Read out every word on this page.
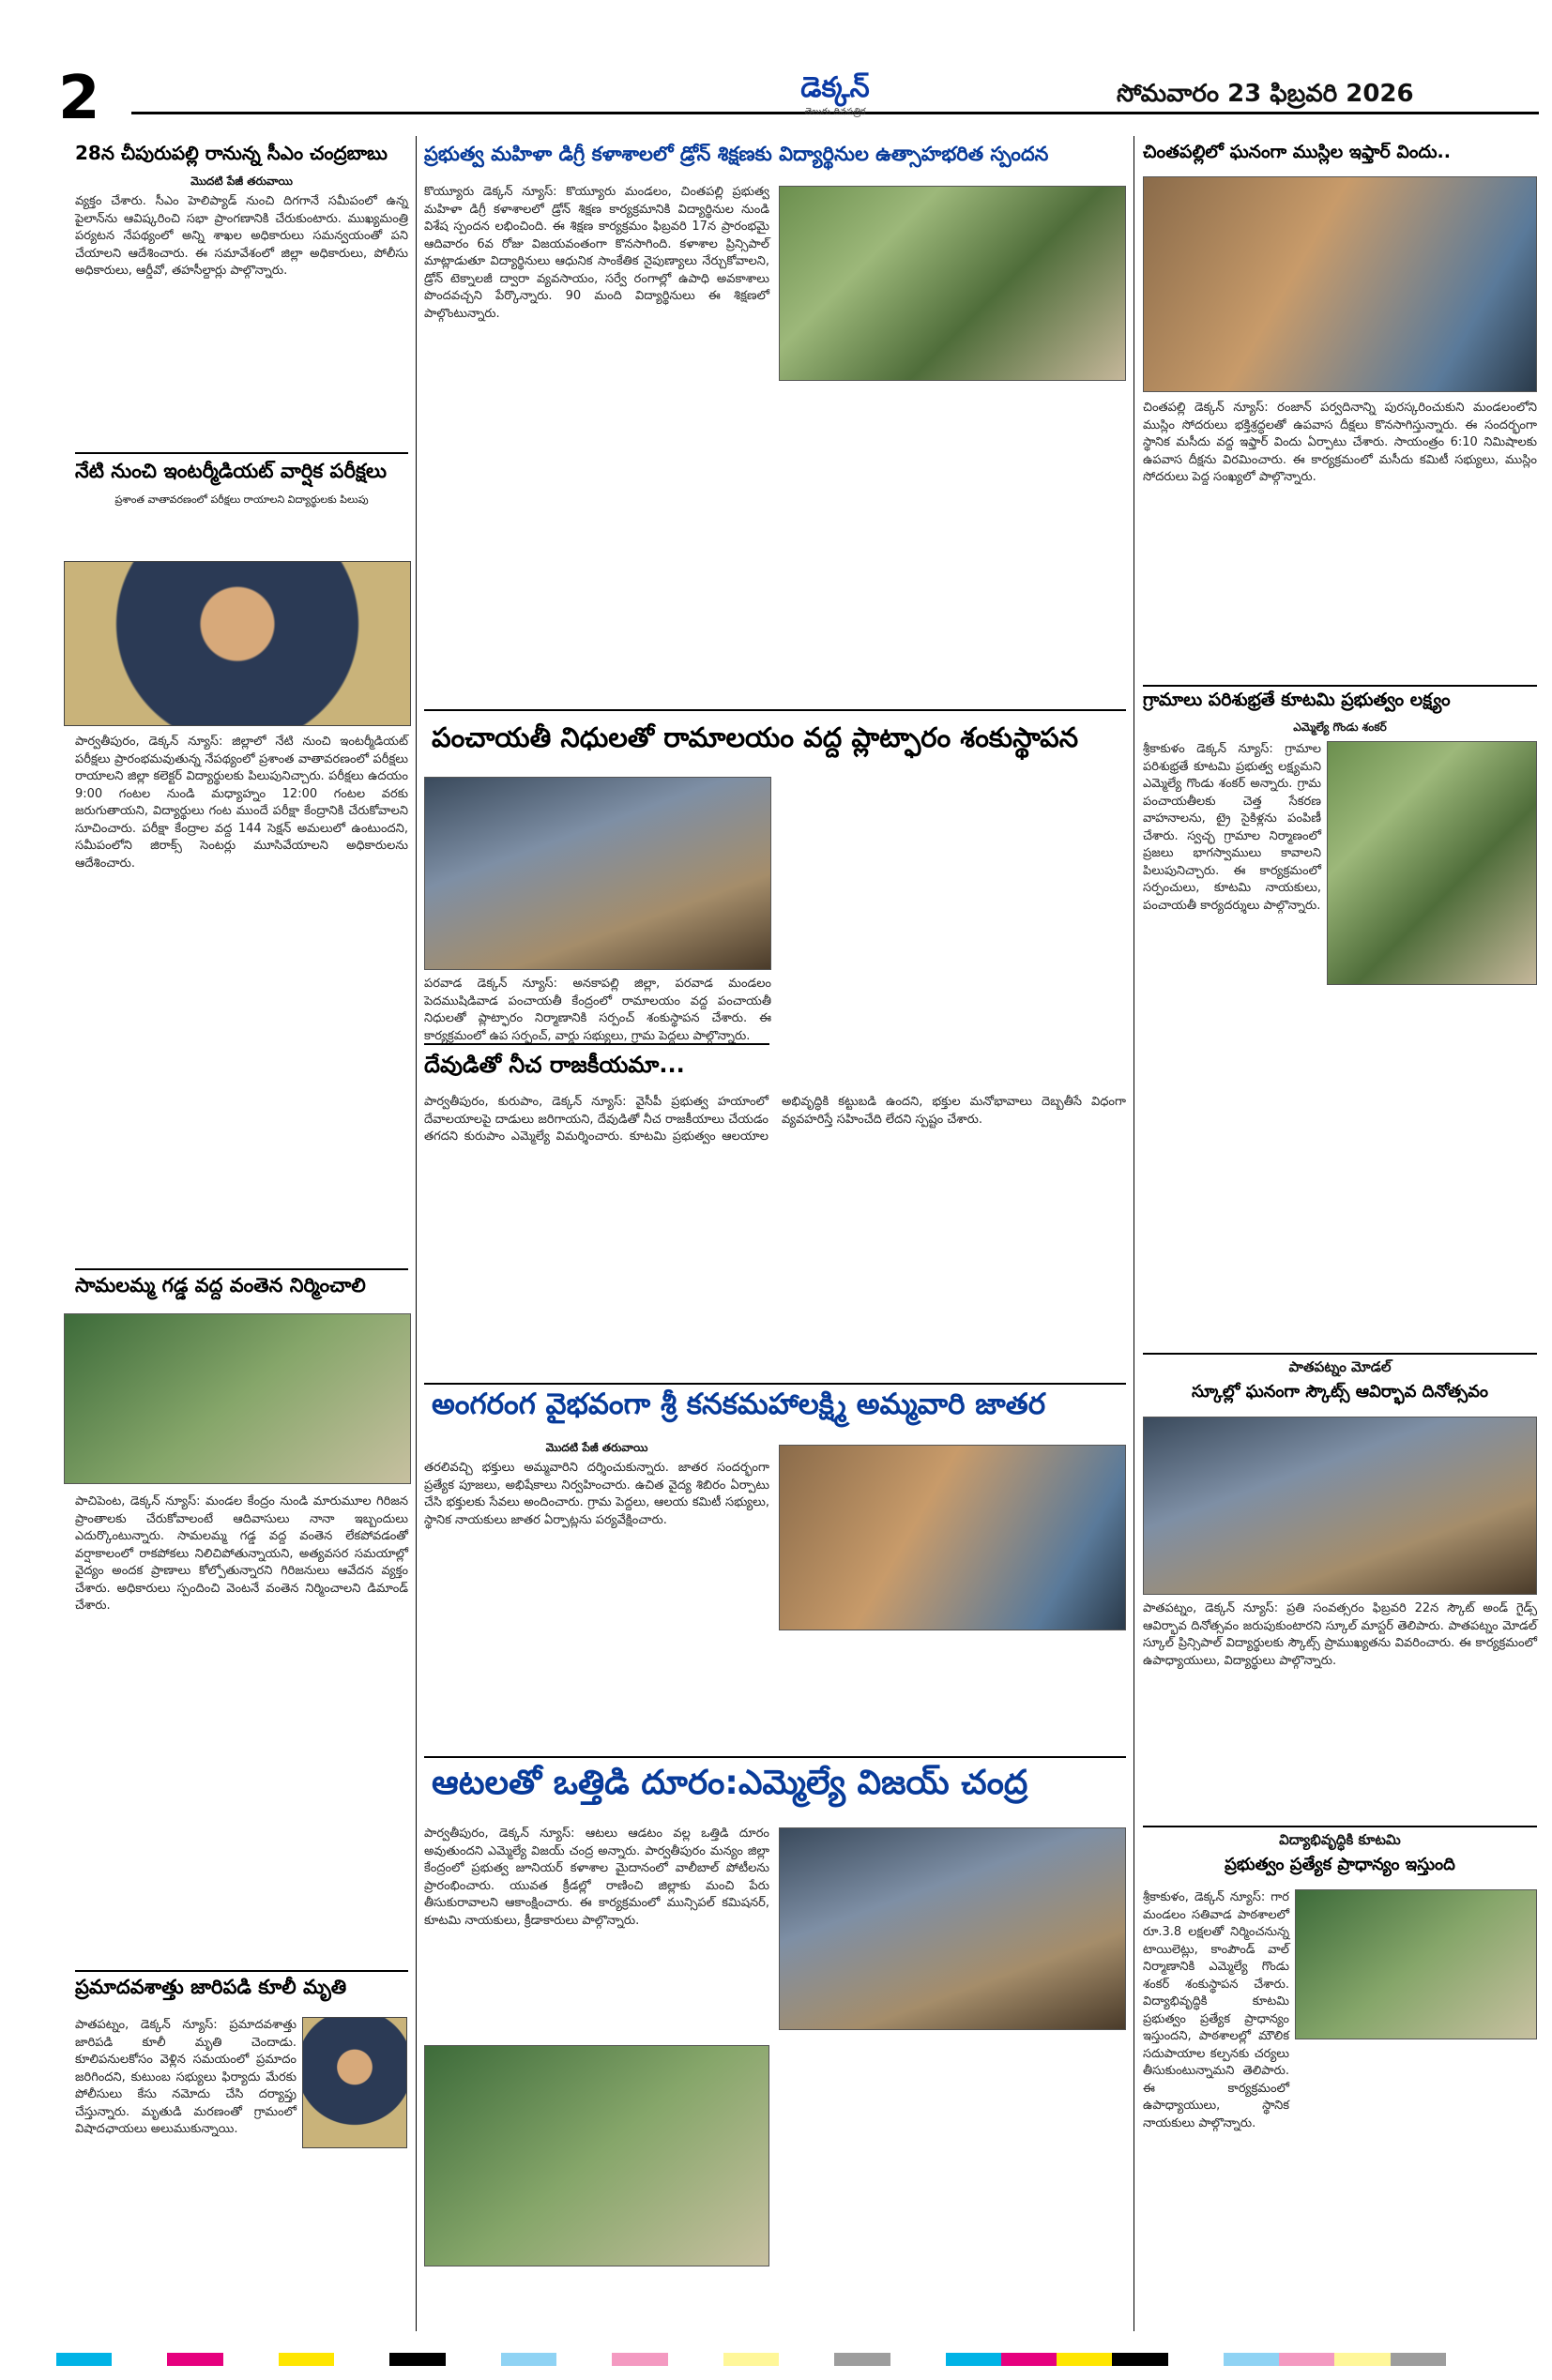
2	డెక్కన్
తెలుగు దినపత్రిక
సోమవారం 23 ఫిబ్రవరి 2026
28న చీపురుపల్లి రానున్న సీఎం చంద్రబాబు
మొదటి పేజీ తరువాయి
వ్యక్తం చేశారు. సీఎం హెలిప్యాడ్ నుంచి దిగగానే సమీపంలో ఉన్న పైలాన్‌ను ఆవిష్కరించి సభా ప్రాంగణానికి చేరుకుంటారు. ముఖ్యమంత్రి పర్యటన నేపథ్యంలో అన్ని శాఖల అధికారులు సమన్వయంతో పని చేయాలని ఆదేశించారు. ఈ సమావేశంలో జిల్లా అధికారులు, పోలీసు అధికారులు, ఆర్డీవో, తహసీల్దార్లు పాల్గొన్నారు.
నేటి నుంచి ఇంటర్మీడియట్ వార్షిక పరీక్షలు
ప్రశాంత వాతావరణంలో పరీక్షలు రాయాలని విద్యార్థులకు పిలుపు
పార్వతీపురం, డెక్కన్ న్యూస్: జిల్లాలో నేటి నుంచి ఇంటర్మీడియట్ పరీక్షలు ప్రారంభమవుతున్న నేపథ్యంలో ప్రశాంత వాతావరణంలో పరీక్షలు రాయాలని జిల్లా కలెక్టర్ విద్యార్థులకు పిలుపునిచ్చారు. పరీక్షలు ఉదయం 9:00 గంటల నుండి మధ్యాహ్నం 12:00 గంటల వరకు జరుగుతాయని, విద్యార్థులు గంట ముందే పరీక్షా కేంద్రానికి చేరుకోవాలని సూచించారు. పరీక్షా కేంద్రాల వద్ద 144 సెక్షన్ అమలులో ఉంటుందని, సమీపంలోని జిరాక్స్ సెంటర్లు మూసివేయాలని అధికారులను ఆదేశించారు.
సామలమ్మ గడ్డ వద్ద వంతెన నిర్మించాలి
పాచిపెంట, డెక్కన్ న్యూస్: మండల కేంద్రం నుండి మారుమూల గిరిజన ప్రాంతాలకు చేరుకోవాలంటే ఆదివాసులు నానా ఇబ్బందులు ఎదుర్కొంటున్నారు. సామలమ్మ గడ్డ వద్ద వంతెన లేకపోవడంతో వర్షాకాలంలో రాకపోకలు నిలిచిపోతున్నాయని, అత్యవసర సమయాల్లో వైద్యం అందక ప్రాణాలు కోల్పోతున్నారని గిరిజనులు ఆవేదన వ్యక్తం చేశారు. అధికారులు స్పందించి వెంటనే వంతెన నిర్మించాలని డిమాండ్ చేశారు.
ప్రమాదవశాత్తు జారిపడి కూలీ మృతి
పాతపట్నం, డెక్కన్ న్యూస్: ప్రమాదవశాత్తు జారిపడి కూలీ మృతి చెందాడు. కూలిపనులకోసం వెళ్లిన సమయంలో ప్రమాదం జరిగిందని, కుటుంబ సభ్యులు ఫిర్యాదు మేరకు పోలీసులు కేసు నమోదు చేసి దర్యాప్తు చేస్తున్నారు. మృతుడి మరణంతో గ్రామంలో విషాదఛాయలు అలుముకున్నాయి.
ప్రభుత్వ మహిళా డిగ్రీ కళాశాలలో డ్రోన్ శిక్షణకు విద్యార్థినుల ఉత్సాహభరిత స్పందన
కొయ్యూరు డెక్కన్ న్యూస్: కొయ్యూరు మండలం, చింతపల్లి ప్రభుత్వ మహిళా డిగ్రీ కళాశాలలో డ్రోన్ శిక్షణ కార్యక్రమానికి విద్యార్థినుల నుండి విశేష స్పందన లభించింది. ఈ శిక్షణ కార్యక్రమం ఫిబ్రవరి 17న ప్రారంభమై ఆదివారం 6వ రోజు విజయవంతంగా కొనసాగింది. కళాశాల ప్రిన్సిపాల్ మాట్లాడుతూ విద్యార్థినులు ఆధునిక సాంకేతిక నైపుణ్యాలు నేర్చుకోవాలని, డ్రోన్ టెక్నాలజీ ద్వారా వ్యవసాయం, సర్వే రంగాల్లో ఉపాధి అవకాశాలు పొందవచ్చని పేర్కొన్నారు. 90 మంది విద్యార్థినులు ఈ శిక్షణలో పాల్గొంటున్నారు.
పంచాయతీ నిధులతో రామాలయం వద్ద ప్లాట్ఫారం శంకుస్థాపన
పరవాడ డెక్కన్ న్యూస్: అనకాపల్లి జిల్లా, పరవాడ మండలం పెదముషిడివాడ పంచాయతీ కేంద్రంలో రామాలయం వద్ద పంచాయతీ నిధులతో ప్లాట్ఫారం నిర్మాణానికి సర్పంచ్ శంకుస్థాపన చేశారు. ఈ కార్యక్రమంలో ఉప సర్పంచ్, వార్డు సభ్యులు, గ్రామ పెద్దలు పాల్గొన్నారు.
దేవుడితో నీచ రాజకీయమా...
పార్వతీపురం, కురుపాం, డెక్కన్ న్యూస్: వైసీపీ ప్రభుత్వ హయాంలో దేవాలయాలపై దాడులు జరిగాయని, దేవుడితో నీచ రాజకీయాలు చేయడం తగదని కురుపాం ఎమ్మెల్యే విమర్శించారు. కూటమి ప్రభుత్వం ఆలయాల అభివృద్ధికి కట్టుబడి ఉందని, భక్తుల మనోభావాలు దెబ్బతీసే విధంగా వ్యవహరిస్తే సహించేది లేదని స్పష్టం చేశారు.
అంగరంగ వైభవంగా శ్రీ కనకమహాలక్ష్మి అమ్మవారి జాతర
మొదటి పేజీ తరువాయి
తరలివచ్చి భక్తులు అమ్మవారిని దర్శించుకున్నారు. జాతర సందర్భంగా ప్రత్యేక పూజలు, అభిషేకాలు నిర్వహించారు. ఉచిత వైద్య శిబిరం ఏర్పాటు చేసి భక్తులకు సేవలు అందించారు. గ్రామ పెద్దలు, ఆలయ కమిటీ సభ్యులు, స్థానిక నాయకులు జాతర ఏర్పాట్లను పర్యవేక్షించారు.
ఆటలతో ఒత్తిడి దూరం:ఎమ్మెల్యే విజయ్ చంద్ర
పార్వతీపురం, డెక్కన్ న్యూస్: ఆటలు ఆడటం వల్ల ఒత్తిడి దూరం అవుతుందని ఎమ్మెల్యే విజయ్ చంద్ర అన్నారు. పార్వతీపురం మన్యం జిల్లా కేంద్రంలో ప్రభుత్వ జూనియర్ కళాశాల మైదానంలో వాలీబాల్ పోటీలను ప్రారంభించారు. యువత క్రీడల్లో రాణించి జిల్లాకు మంచి పేరు తీసుకురావాలని ఆకాంక్షించారు. ఈ కార్యక్రమంలో మున్సిపల్ కమిషనర్, కూటమి నాయకులు, క్రీడాకారులు పాల్గొన్నారు.
చింతపల్లిలో ఘనంగా ముస్లిల ఇఫ్తార్ విందు..
చింతపల్లి డెక్కన్ న్యూస్: రంజాన్ పర్వదినాన్ని పురస్కరించుకుని మండలంలోని ముస్లిం సోదరులు భక్తిశ్రద్ధలతో ఉపవాస దీక్షలు కొనసాగిస్తున్నారు. ఈ సందర్భంగా స్థానిక మసీదు వద్ద ఇఫ్తార్ విందు ఏర్పాటు చేశారు. సాయంత్రం 6:10 నిమిషాలకు ఉపవాస దీక్షను విరమించారు. ఈ కార్యక్రమంలో మసీదు కమిటీ సభ్యులు, ముస్లిం సోదరులు పెద్ద సంఖ్యలో పాల్గొన్నారు.
గ్రామాలు పరిశుభ్రతే కూటమి ప్రభుత్వం లక్ష్యం
ఎమ్మెల్యే గొండు శంకర్
శ్రీకాకుళం డెక్కన్ న్యూస్: గ్రామాల పరిశుభ్రతే కూటమి ప్రభుత్వ లక్ష్యమని ఎమ్మెల్యే గొండు శంకర్ అన్నారు. గ్రామ పంచాయతీలకు చెత్త సేకరణ వాహనాలను, ట్రై సైకిళ్లను పంపిణీ చేశారు. స్వచ్ఛ గ్రామాల నిర్మాణంలో ప్రజలు భాగస్వాములు కావాలని పిలుపునిచ్చారు. ఈ కార్యక్రమంలో సర్పంచులు, కూటమి నాయకులు, పంచాయతీ కార్యదర్శులు పాల్గొన్నారు.
పాతపట్నం మోడల్
స్కూల్లో ఘనంగా స్కౌట్స్ ఆవిర్భావ దినోత్సవం
పాతపట్నం, డెక్కన్ న్యూస్: ప్రతి సంవత్సరం ఫిబ్రవరి 22న స్కౌట్ అండ్ గైడ్స్ ఆవిర్భావ దినోత్సవం జరుపుకుంటారని స్కూల్ మాస్టర్ తెలిపారు. పాతపట్నం మోడల్ స్కూల్ ప్రిన్సిపాల్ విద్యార్థులకు స్కౌట్స్ ప్రాముఖ్యతను వివరించారు. ఈ కార్యక్రమంలో ఉపాధ్యాయులు, విద్యార్థులు పాల్గొన్నారు.
విద్యాభివృద్ధికి కూటమి
ప్రభుత్వం ప్రత్యేక ప్రాధాన్యం ఇస్తుంది
శ్రీకాకుళం, డెక్కన్ న్యూస్: గార మండలం సతివాడ పాఠశాలలో రూ.3.8 లక్షలతో నిర్మించనున్న టాయిలెట్లు, కాంపౌండ్ వాల్ నిర్మాణానికి ఎమ్మెల్యే గొండు శంకర్ శంకుస్థాపన చేశారు. విద్యాభివృద్ధికి కూటమి ప్రభుత్వం ప్రత్యేక ప్రాధాన్యం ఇస్తుందని, పాఠశాలల్లో మౌలిక సదుపాయాల కల్పనకు చర్యలు తీసుకుంటున్నామని తెలిపారు. ఈ కార్యక్రమంలో ఉపాధ్యాయులు, స్థానిక నాయకులు పాల్గొన్నారు.
